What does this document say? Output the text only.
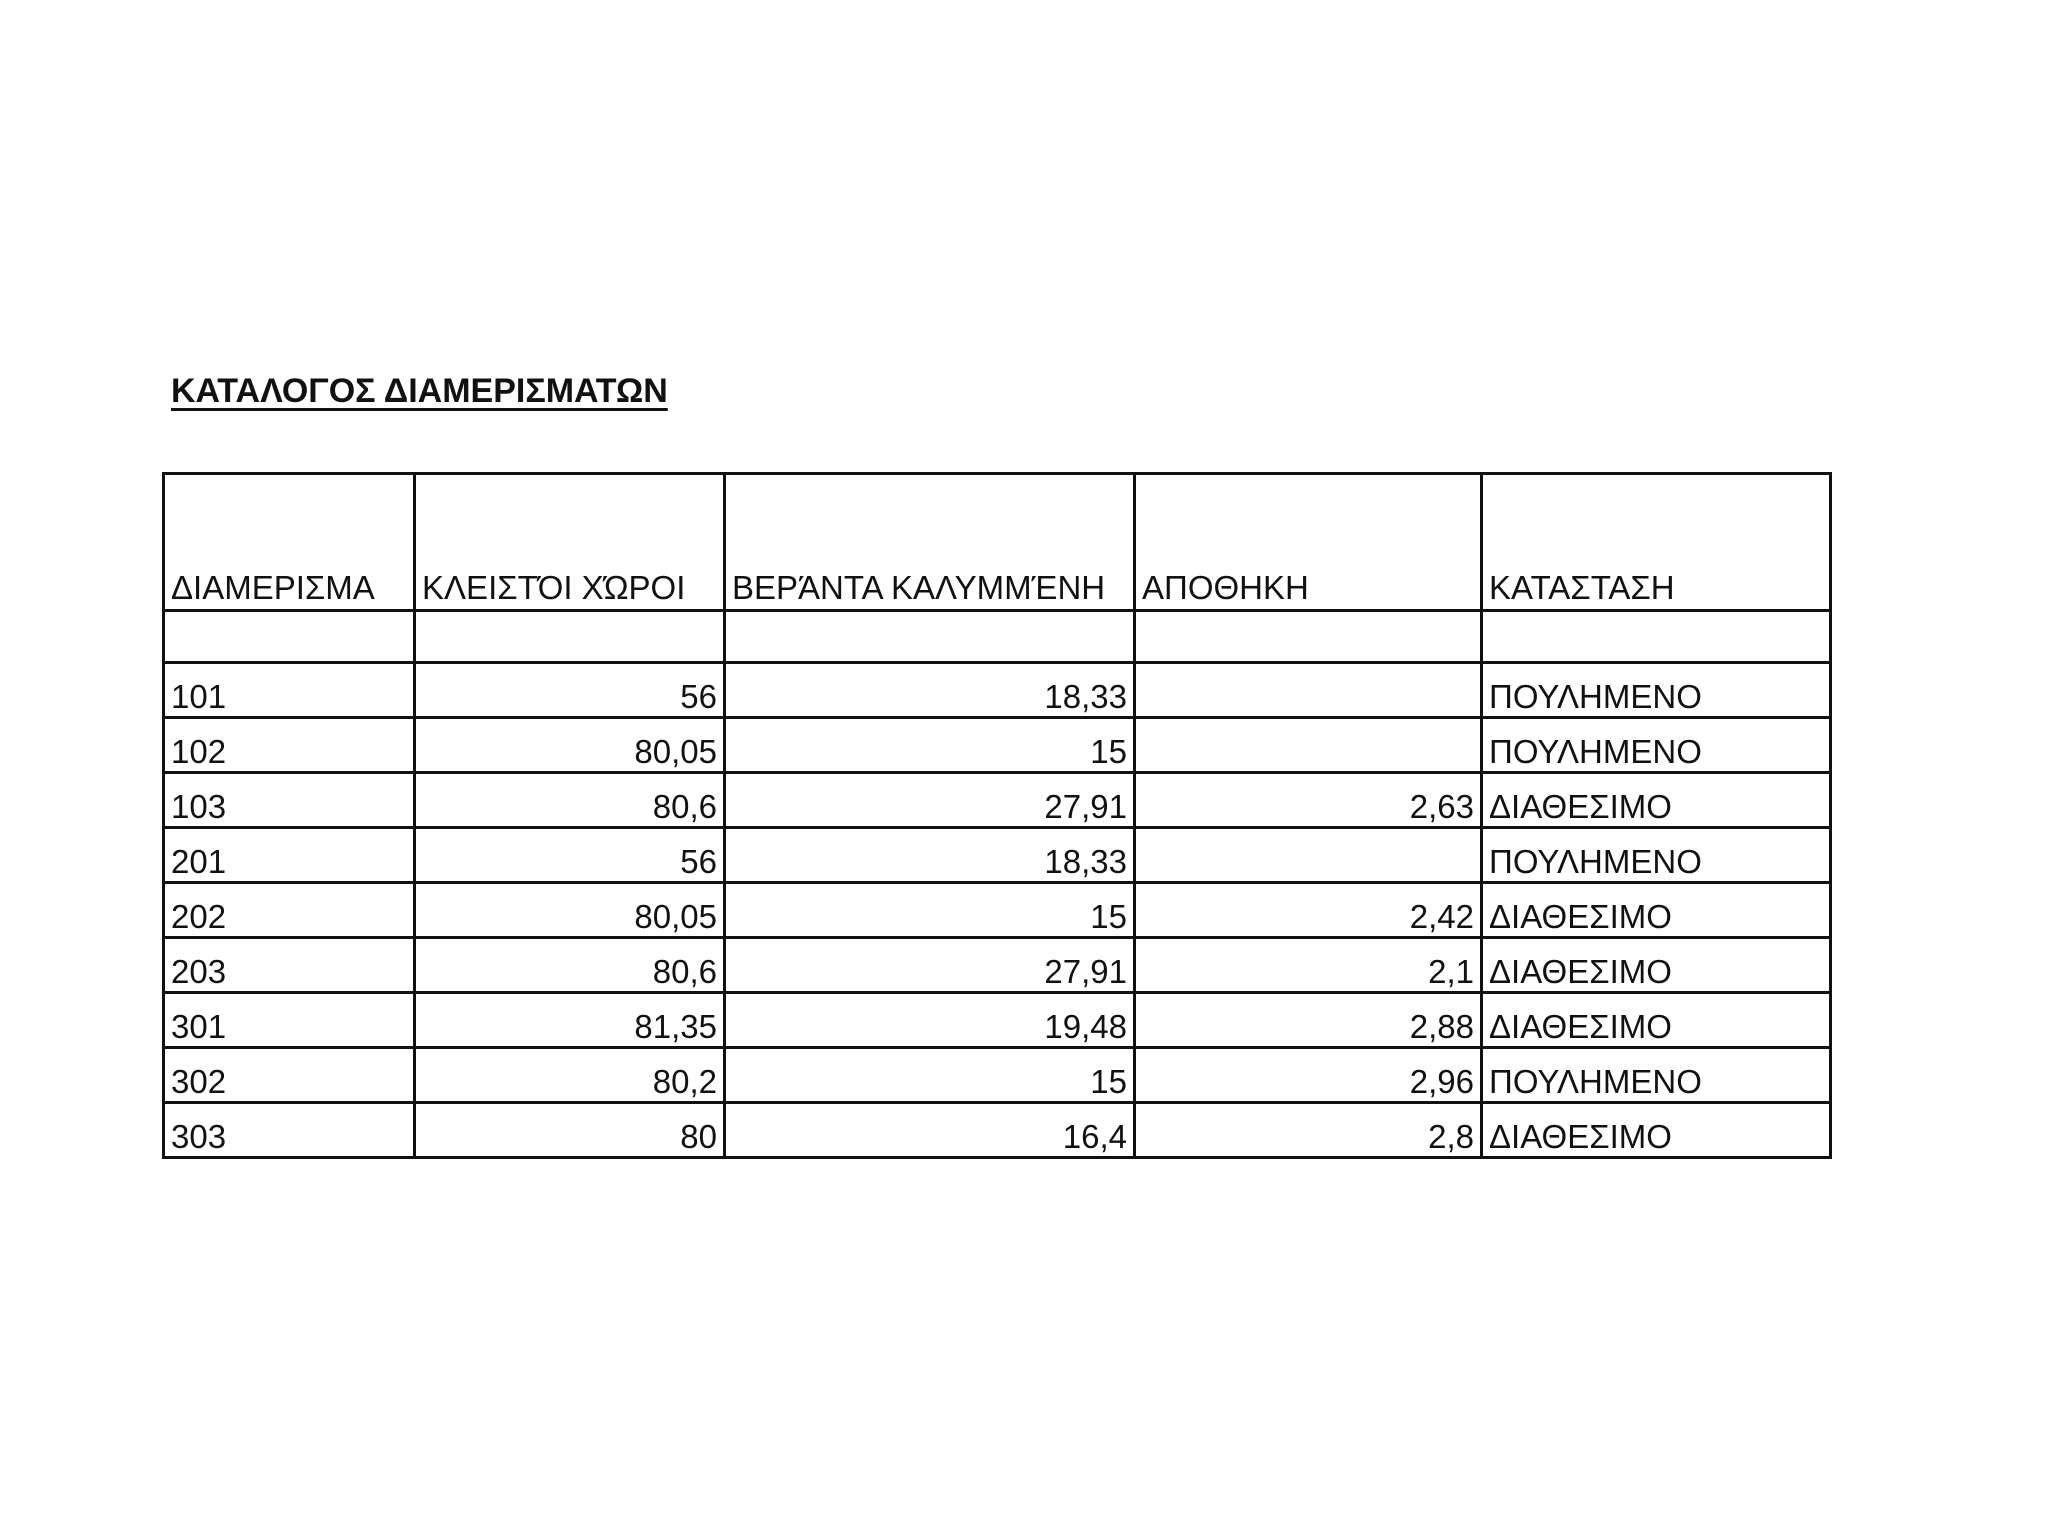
ΚΑΤΑΛΟΓΟΣ ΔΙΑΜΕΡΙΣΜΑΤΩΝ
ΔΙΑΜΕΡΙΣΜΑ	ΚΛΕΙΣΤΌΙ ΧΏΡΟΙ	ΒΕΡΆΝΤΑ ΚΑΛΥΜΜΈΝΗ	ΑΠΟΘΗΚΗ	ΚΑΤΑΣΤΑΣΗ

101	56	18,33		ΠΟΥΛΗΜΕΝΟ
102	80,05	15		ΠΟΥΛΗΜΕΝΟ
103	80,6	27,91	2,63	ΔΙΑΘΕΣΙΜΟ
201	56	18,33		ΠΟΥΛΗΜΕΝΟ
202	80,05	15	2,42	ΔΙΑΘΕΣΙΜΟ
203	80,6	27,91	2,1	ΔΙΑΘΕΣΙΜΟ
301	81,35	19,48	2,88	ΔΙΑΘΕΣΙΜΟ
302	80,2	15	2,96	ΠΟΥΛΗΜΕΝΟ
303	80	16,4	2,8	ΔΙΑΘΕΣΙΜΟ
